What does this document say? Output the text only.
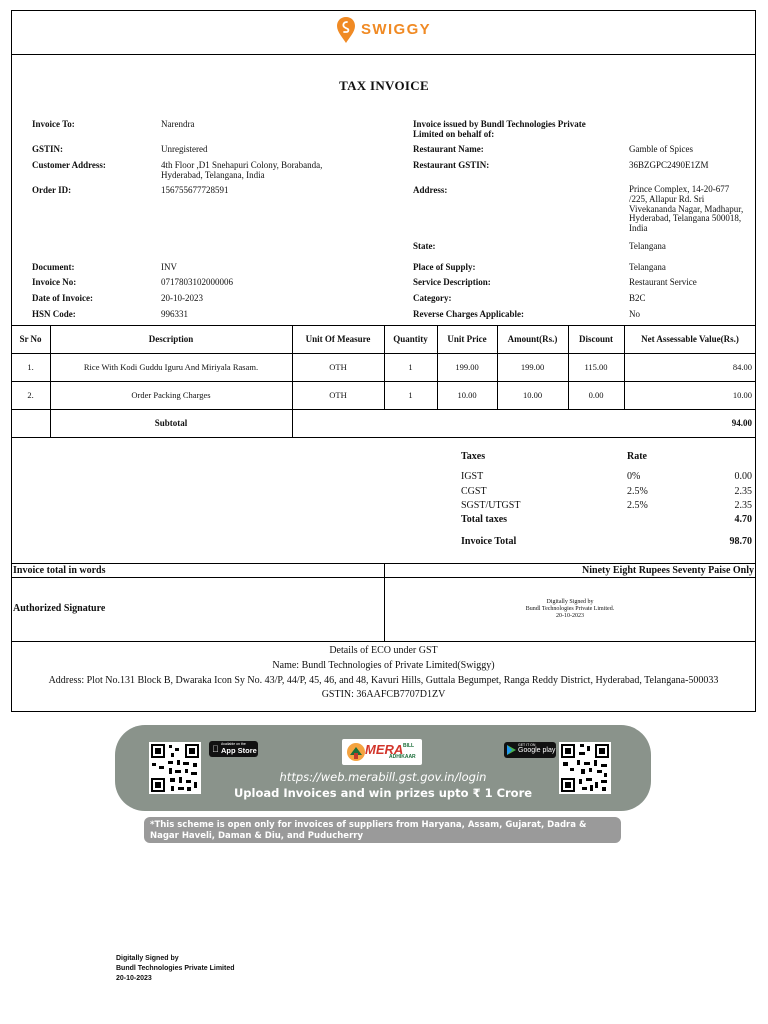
SWIGGY
TAX INVOICE
Invoice To:	Narendra
GSTIN:	Unregistered
Customer Address:	4th Floor ,D1 Snehapuri Colony, Borabanda, Hyderabad, Telangana, India
Order ID:	156755677728591
Document:	INV
Invoice No:	0717803102000006
Date of Invoice:	20-10-2023
HSN Code:	996331
Invoice issued by Bundl Technologies Private Limited on behalf of:
Restaurant Name:	Gamble of Spices
Restaurant GSTIN:	36BZGPC2490E1ZM
Address:	Prince Complex, 14-20-677 /225, Allapur Rd. Sri Vivekananda Nagar, Madhapur, Hyderabad, Telangana 500018, India
State:	Telangana
Place of Supply:	Telangana
Service Description:	Restaurant Service
Category:	B2C
Reverse Charges Applicable:	No
Sr No	Description	Unit Of Measure	Quantity	Unit Price	Amount(Rs.)	Discount	Net Assessable Value(Rs.)
1.	Rice With Kodi Guddu Iguru And Miriyala Rasam.	OTH	1	199.00	199.00	115.00	84.00
2.	Order Packing Charges	OTH	1	10.00	10.00	0.00	10.00
Subtotal	94.00
Taxes	Rate
IGST	0%	0.00
CGST	2.5%	2.35
SGST/UTGST	2.5%	2.35
Total taxes	4.70
Invoice Total	98.70
Invoice total in words	Ninety Eight Rupees Seventy Paise Only
Authorized Signature
Digitally Signed by
Bundl Technologies Private Limited.
20-10-2023
Details of ECO under GST
Name: Bundl Technologies of Private Limited(Swiggy)
Address: Plot No.131 Block B, Dwaraka Icon Sy No. 43/P, 44/P, 45, 46, and 48, Kavuri Hills, Guttala Begumpet, Ranga Reddy District, Hyderabad, Telangana-500033
GSTIN: 36AAFCB7707D1ZV
Available on the
App Store	MERA BILL
ADHIKAAR
GET IT ON
Google play
https://web.merabill.gst.gov.in/login
Upload Invoices and win prizes upto ₹ 1 Crore
*This scheme is open only for invoices of suppliers from Haryana, Assam, Gujarat, Dadra & Nagar Haveli, Daman & Diu, and Puducherry
Digitally Signed by
Bundl Technologies Private Limited
20-10-2023
